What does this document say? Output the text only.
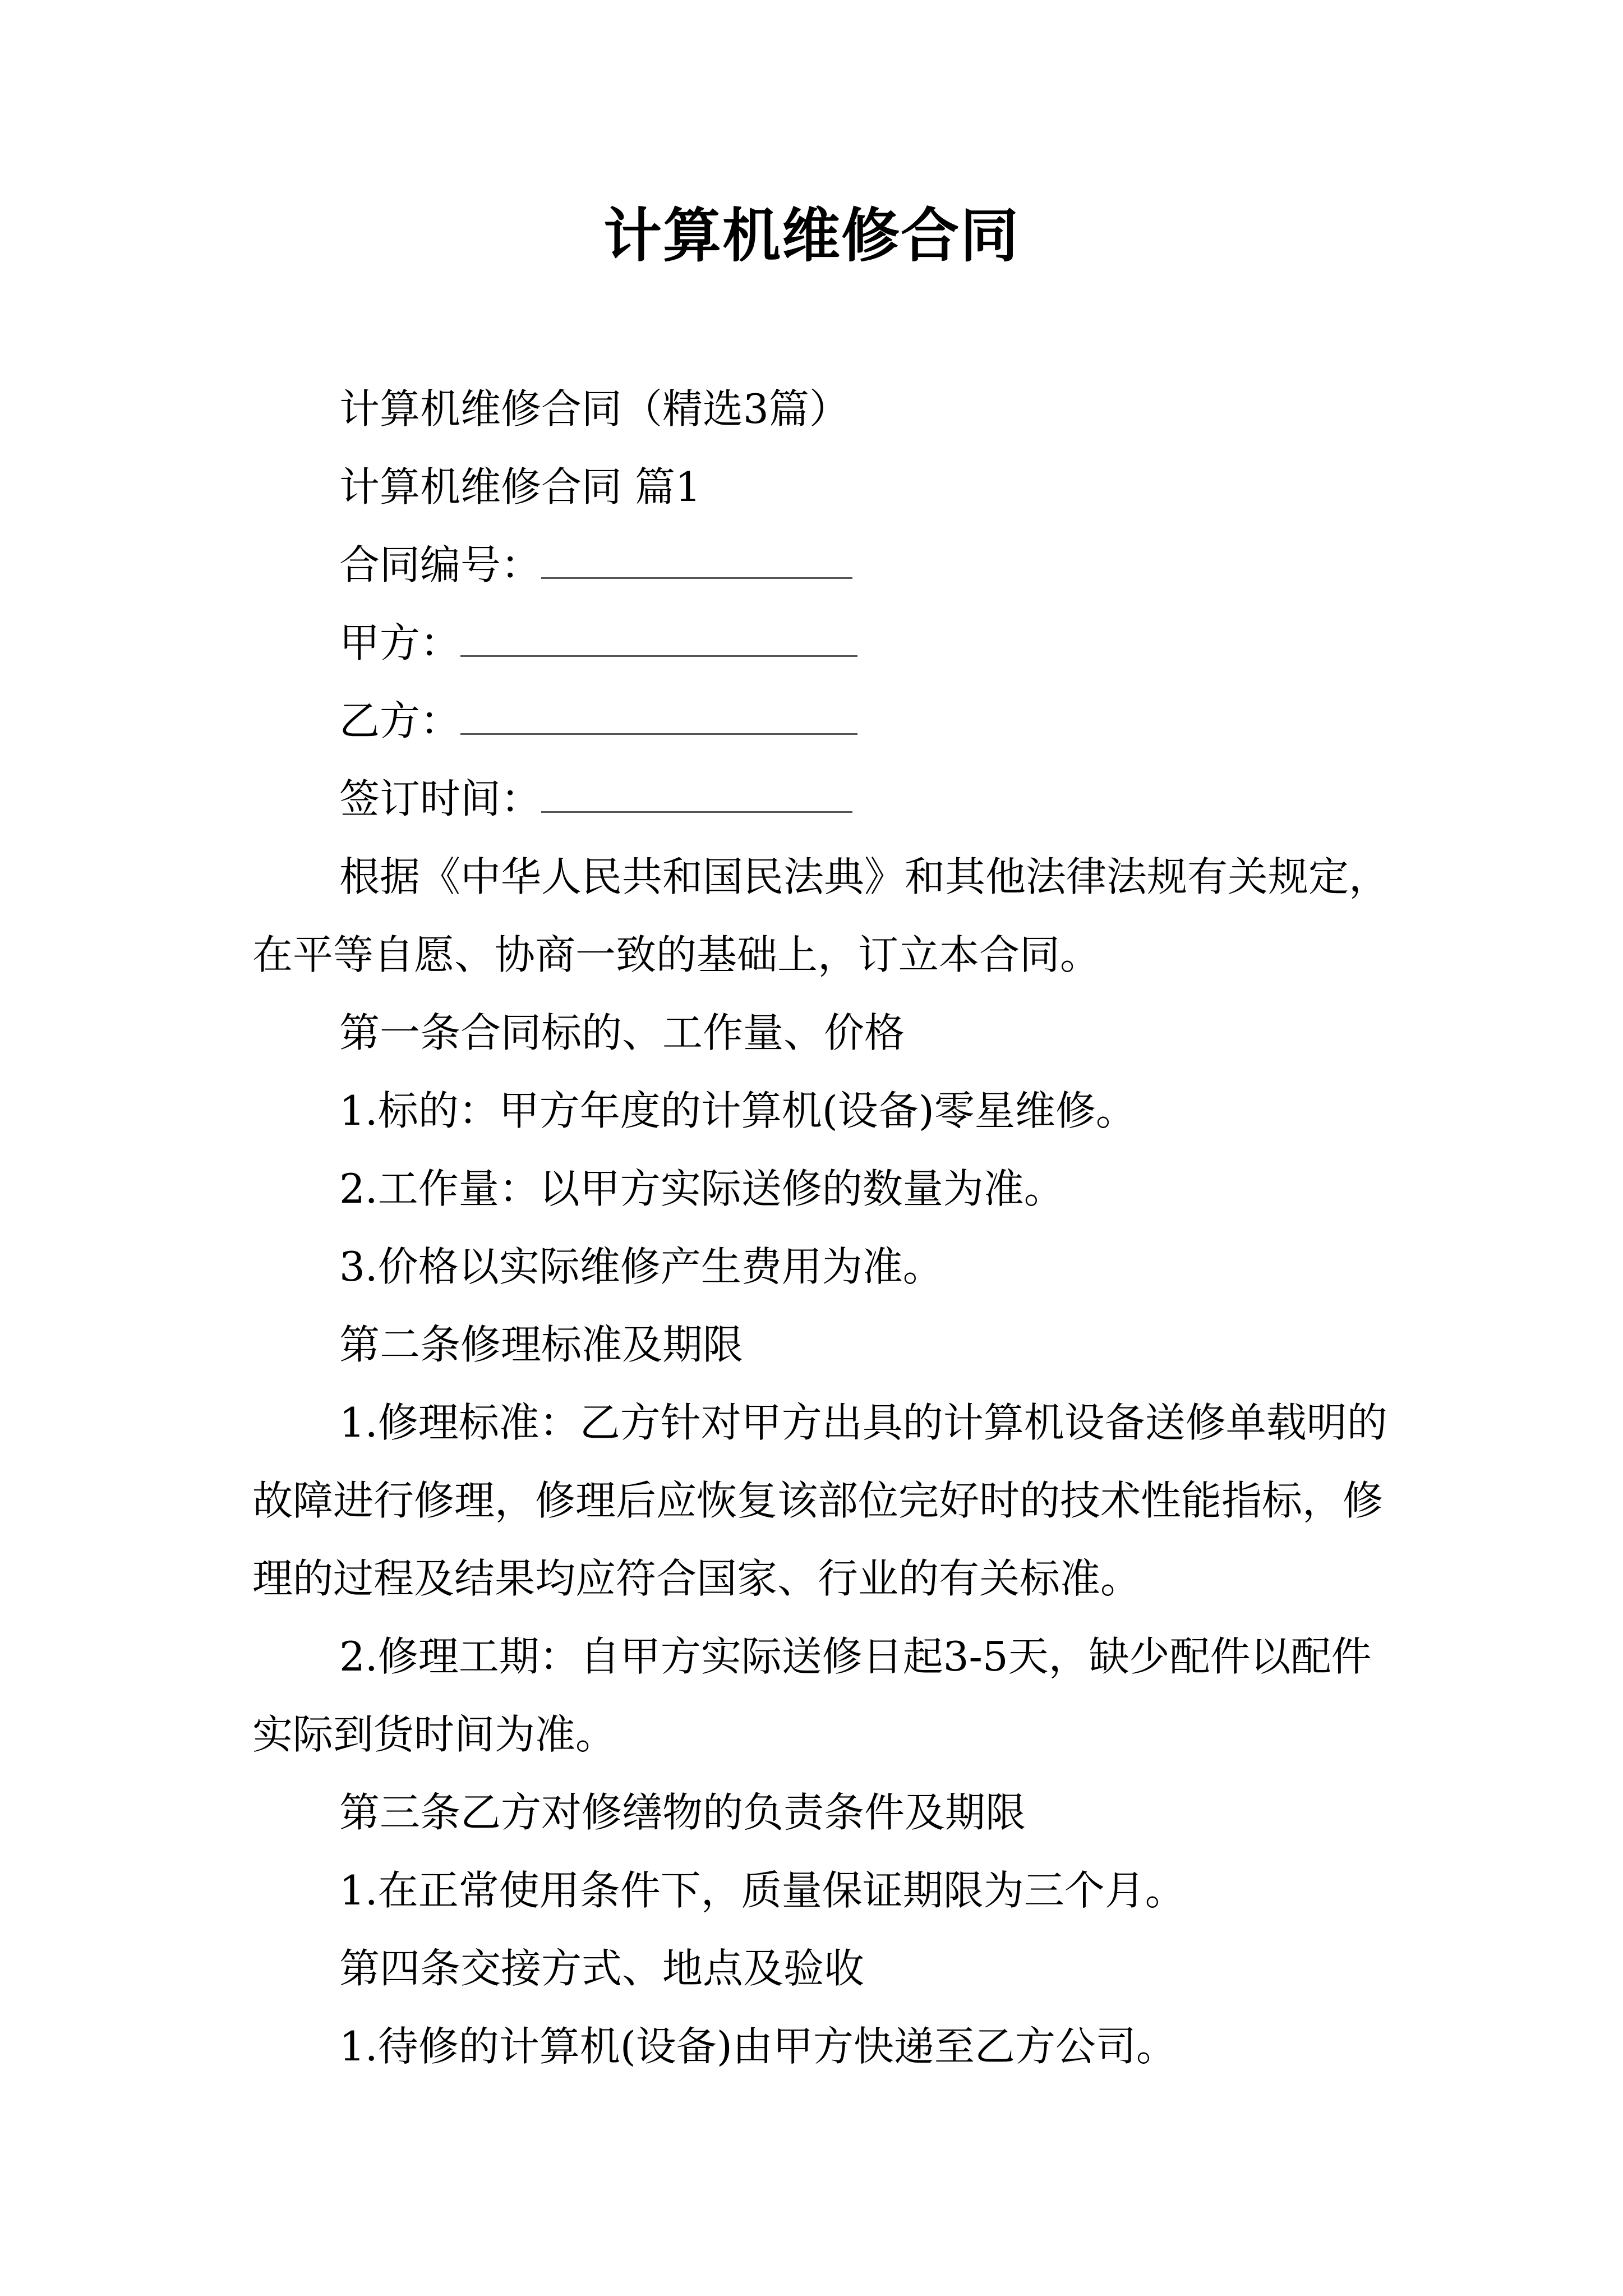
计算机维修合同

计算机维修合同（精选3篇）

计算机维修合同 篇1

合同编号：
甲方：
乙方：
签订时间：

根据《中华人民共和国民法典》和其他法律法规有关规定，在平等自愿、协商一致的基础上，订立本合同。

第一条合同标的、工作量、价格

1.标的：甲方年度的计算机(设备)零星维修。

2.工作量：以甲方实际送修的数量为准。

3.价格以实际维修产生费用为准。

第二条修理标准及期限

1.修理标准：乙方针对甲方出具的计算机设备送修单载明的故障进行修理，修理后应恢复该部位完好时的技术性能指标，修理的过程及结果均应符合国家、行业的有关标准。

2.修理工期：自甲方实际送修日起3-5天，缺少配件以配件实际到货时间为准。

第三条乙方对修缮物的负责条件及期限

1.在正常使用条件下，质量保证期限为三个月。

第四条交接方式、地点及验收

1.待修的计算机(设备)由甲方快递至乙方公司。
